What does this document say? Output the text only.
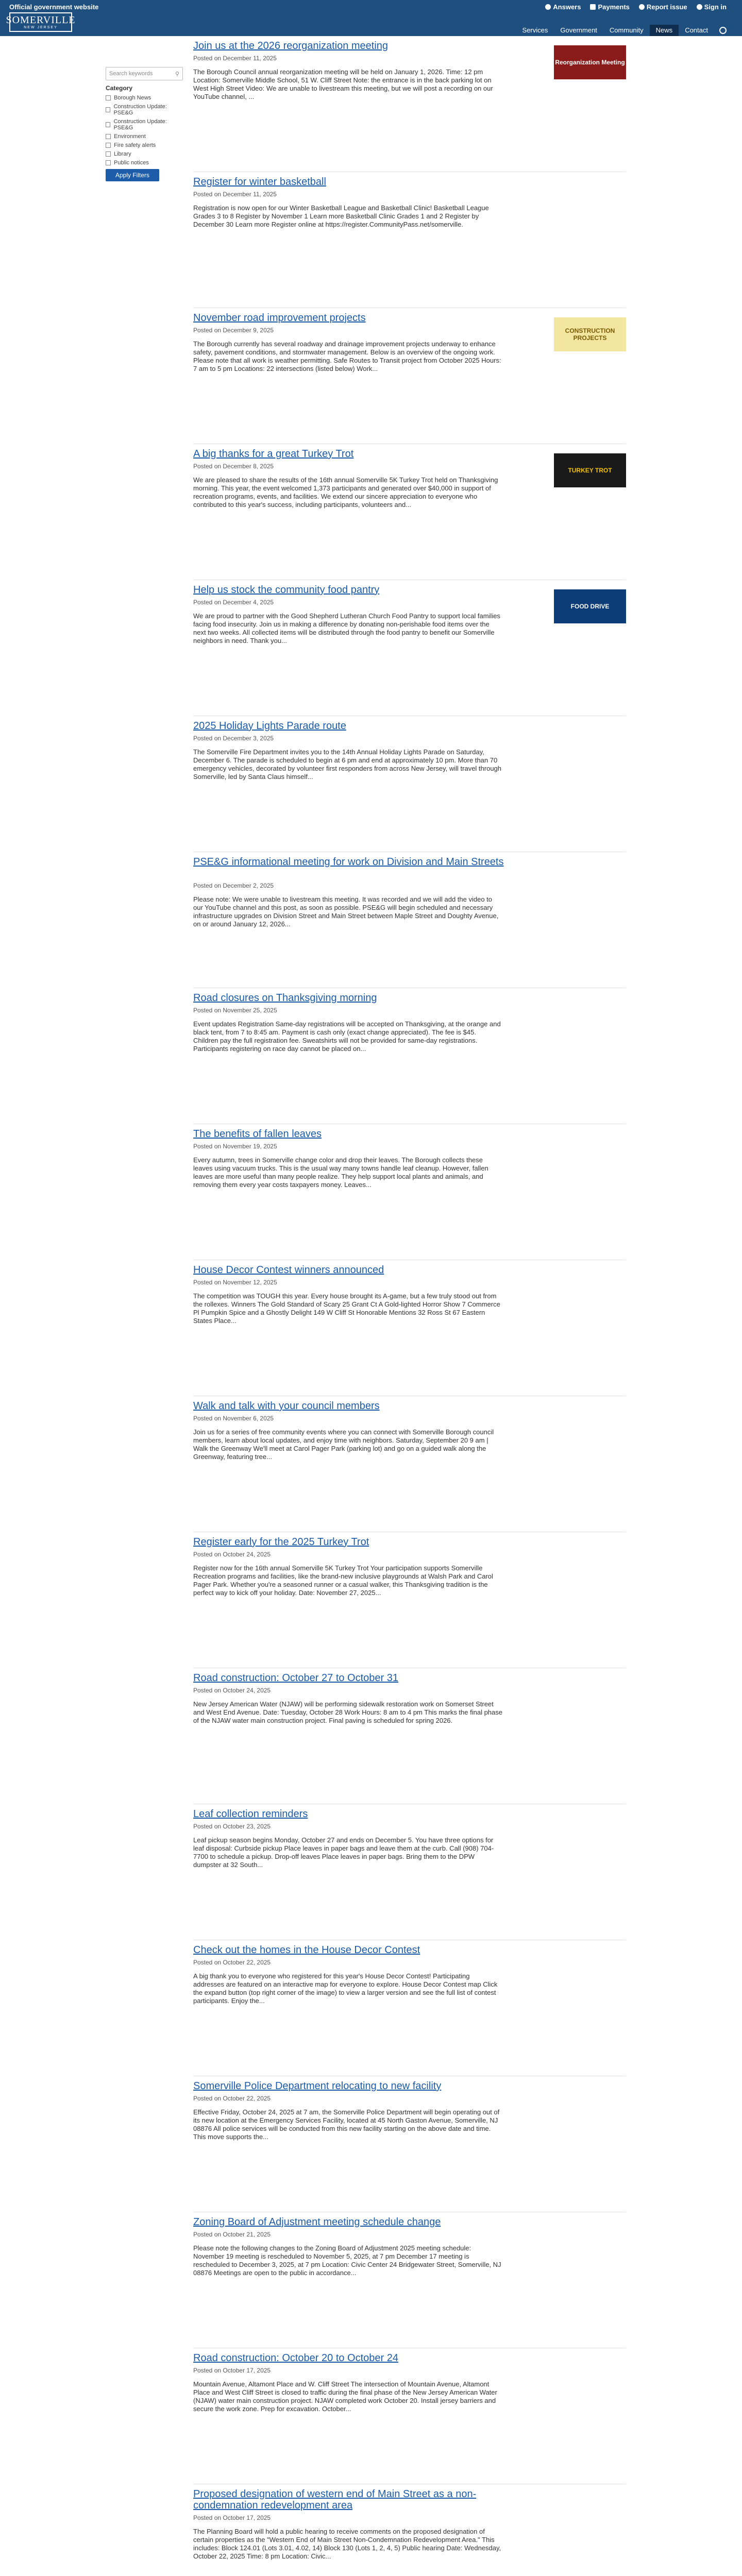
Official government website
SOMERVILLE
NEW JERSEY
Answers	Payments	Report issue	Sign in
Services	Government	Community	News	Contact
Search keywords	⚲
Category
Borough News
Construction Update: PSE&G
Construction Update: PSE&G
Environment
Fire safety alerts
Library
Public notices
Apply Filters
Join us at the 2026 reorganization meeting
Posted on December 11, 2025
The Borough Council annual reorganization meeting will be held on January 1, 2026. Time: 12 pm Location: Somerville Middle School, 51 W. Cliff Street Note: the entrance is in the back parking lot on West High Street Video: We are unable to livestream this meeting, but we will post a recording on our YouTube channel, ...
Reorganization Meeting
Register for winter basketball
Posted on December 11, 2025
Registration is now open for our Winter Basketball League and Basketball Clinic! Basketball League Grades 3 to 8 Register by November 1 Learn more Basketball Clinic Grades 1 and 2 Register by December 30 Learn more Register online at https://register.CommunityPass.net/somerville.
November road improvement projects
Posted on December 9, 2025
The Borough currently has several roadway and drainage improvement projects underway to enhance safety, pavement conditions, and stormwater management. Below is an overview of the ongoing work. Please note that all work is weather permitting. Safe Routes to Transit project from October 2025 Hours: 7 am to 5 pm Locations: 22 intersections (listed below) Work...
CONSTRUCTION PROJECTS
A big thanks for a great Turkey Trot
Posted on December 8, 2025
We are pleased to share the results of the 16th annual Somerville 5K Turkey Trot held on Thanksgiving morning. This year, the event welcomed 1,373 participants and generated over $40,000 in support of recreation programs, events, and facilities. We extend our sincere appreciation to everyone who contributed to this year's success, including participants, volunteers and...
TURKEY TROT
Help us stock the community food pantry
Posted on December 4, 2025
We are proud to partner with the Good Shepherd Lutheran Church Food Pantry to support local families facing food insecurity. Join us in making a difference by donating non-perishable food items over the next two weeks. All collected items will be distributed through the food pantry to benefit our Somerville neighbors in need. Thank you...
FOOD DRIVE
2025 Holiday Lights Parade route
Posted on December 3, 2025
The Somerville Fire Department invites you to the 14th Annual Holiday Lights Parade on Saturday, December 6. The parade is scheduled to begin at 6 pm and end at approximately 10 pm. More than 70 emergency vehicles, decorated by volunteer first responders from across New Jersey, will travel through Somerville, led by Santa Claus himself...
PSE&G informational meeting for work on Division and Main Streets
Posted on December 2, 2025
Please note: We were unable to livestream this meeting. It was recorded and we will add the video to our YouTube channel and this post, as soon as possible. PSE&G will begin scheduled and necessary infrastructure upgrades on Division Street and Main Street between Maple Street and Doughty Avenue, on or around January 12, 2026...
Road closures on Thanksgiving morning
Posted on November 25, 2025
Event updates Registration Same-day registrations will be accepted on Thanksgiving, at the orange and black tent, from 7 to 8:45 am. Payment is cash only (exact change appreciated). The fee is $45. Children pay the full registration fee. Sweatshirts will not be provided for same-day registrations. Participants registering on race day cannot be placed on...
The benefits of fallen leaves
Posted on November 19, 2025
Every autumn, trees in Somerville change color and drop their leaves. The Borough collects these leaves using vacuum trucks. This is the usual way many towns handle leaf cleanup. However, fallen leaves are more useful than many people realize. They help support local plants and animals, and removing them every year costs taxpayers money. Leaves...
House Decor Contest winners announced
Posted on November 12, 2025
The competition was TOUGH this year. Every house brought its A-game, but a few truly stood out from the rollexes. Winners The Gold Standard of Scary 25 Grant Ct A Gold-lighted Horror Show 7 Commerce Pl Pumpkin Spice and a Ghostly Delight 149 W Cliff St Honorable Mentions 32 Ross St 67 Eastern States Place...
Walk and talk with your council members
Posted on November 6, 2025
Join us for a series of free community events where you can connect with Somerville Borough council members, learn about local updates, and enjoy time with neighbors. Saturday, September 20 9 am | Walk the Greenway We'll meet at Carol Pager Park (parking lot) and go on a guided walk along the Greenway, featuring tree...
Register early for the 2025 Turkey Trot
Posted on October 24, 2025
Register now for the 16th annual Somerville 5K Turkey Trot Your participation supports Somerville Recreation programs and facilities, like the brand-new inclusive playgrounds at Walsh Park and Carol Pager Park. Whether you're a seasoned runner or a casual walker, this Thanksgiving tradition is the perfect way to kick off your holiday. Date: November 27, 2025...
Road construction: October 27 to October 31
Posted on October 24, 2025
New Jersey American Water (NJAW) will be performing sidewalk restoration work on Somerset Street and West End Avenue. Date: Tuesday, October 28 Work Hours: 8 am to 4 pm This marks the final phase of the NJAW water main construction project. Final paving is scheduled for spring 2026.
Leaf collection reminders
Posted on October 23, 2025
Leaf pickup season begins Monday, October 27 and ends on December 5. You have three options for leaf disposal: Curbside pickup Place leaves in paper bags and leave them at the curb. Call (908) 704-7700 to schedule a pickup. Drop-off leaves Place leaves in paper bags. Bring them to the DPW dumpster at 32 South...
Check out the homes in the House Decor Contest
Posted on October 22, 2025
A big thank you to everyone who registered for this year's House Decor Contest! Participating addresses are featured on an interactive map for everyone to explore. House Decor Contest map Click the expand button (top right corner of the image) to view a larger version and see the full list of contest participants. Enjoy the...
Somerville Police Department relocating to new facility
Posted on October 22, 2025
Effective Friday, October 24, 2025 at 7 am, the Somerville Police Department will begin operating out of its new location at the Emergency Services Facility, located at 45 North Gaston Avenue, Somerville, NJ 08876 All police services will be conducted from this new facility starting on the above date and time. This move supports the...
Zoning Board of Adjustment meeting schedule change
Posted on October 21, 2025
Please note the following changes to the Zoning Board of Adjustment 2025 meeting schedule: November 19 meeting is rescheduled to November 5, 2025, at 7 pm December 17 meeting is rescheduled to December 3, 2025, at 7 pm Location: Civic Center 24 Bridgewater Street, Somerville, NJ 08876 Meetings are open to the public in accordance...
Road construction: October 20 to October 24
Posted on October 17, 2025
Mountain Avenue, Altamont Place and W. Cliff Street The intersection of Mountain Avenue, Altamont Place and West Cliff Street is closed to traffic during the final phase of the New Jersey American Water (NJAW) water main construction project. NJAW completed work October 20. Install jersey barriers and secure the work zone. Prep for excavation. October...
Proposed designation of western end of Main Street as a non-condemnation redevelopment area
Posted on October 17, 2025
The Planning Board will hold a public hearing to receive comments on the proposed designation of certain properties as the "Western End of Main Street Non-Condemnation Redevelopment Area." This includes: Block 124.01 (Lots 3.01, 4.02, 14) Block 130 (Lots 1, 2, 4, 5) Public hearing Date: Wednesday, October 22, 2025 Time: 8 pm Location: Civic...
